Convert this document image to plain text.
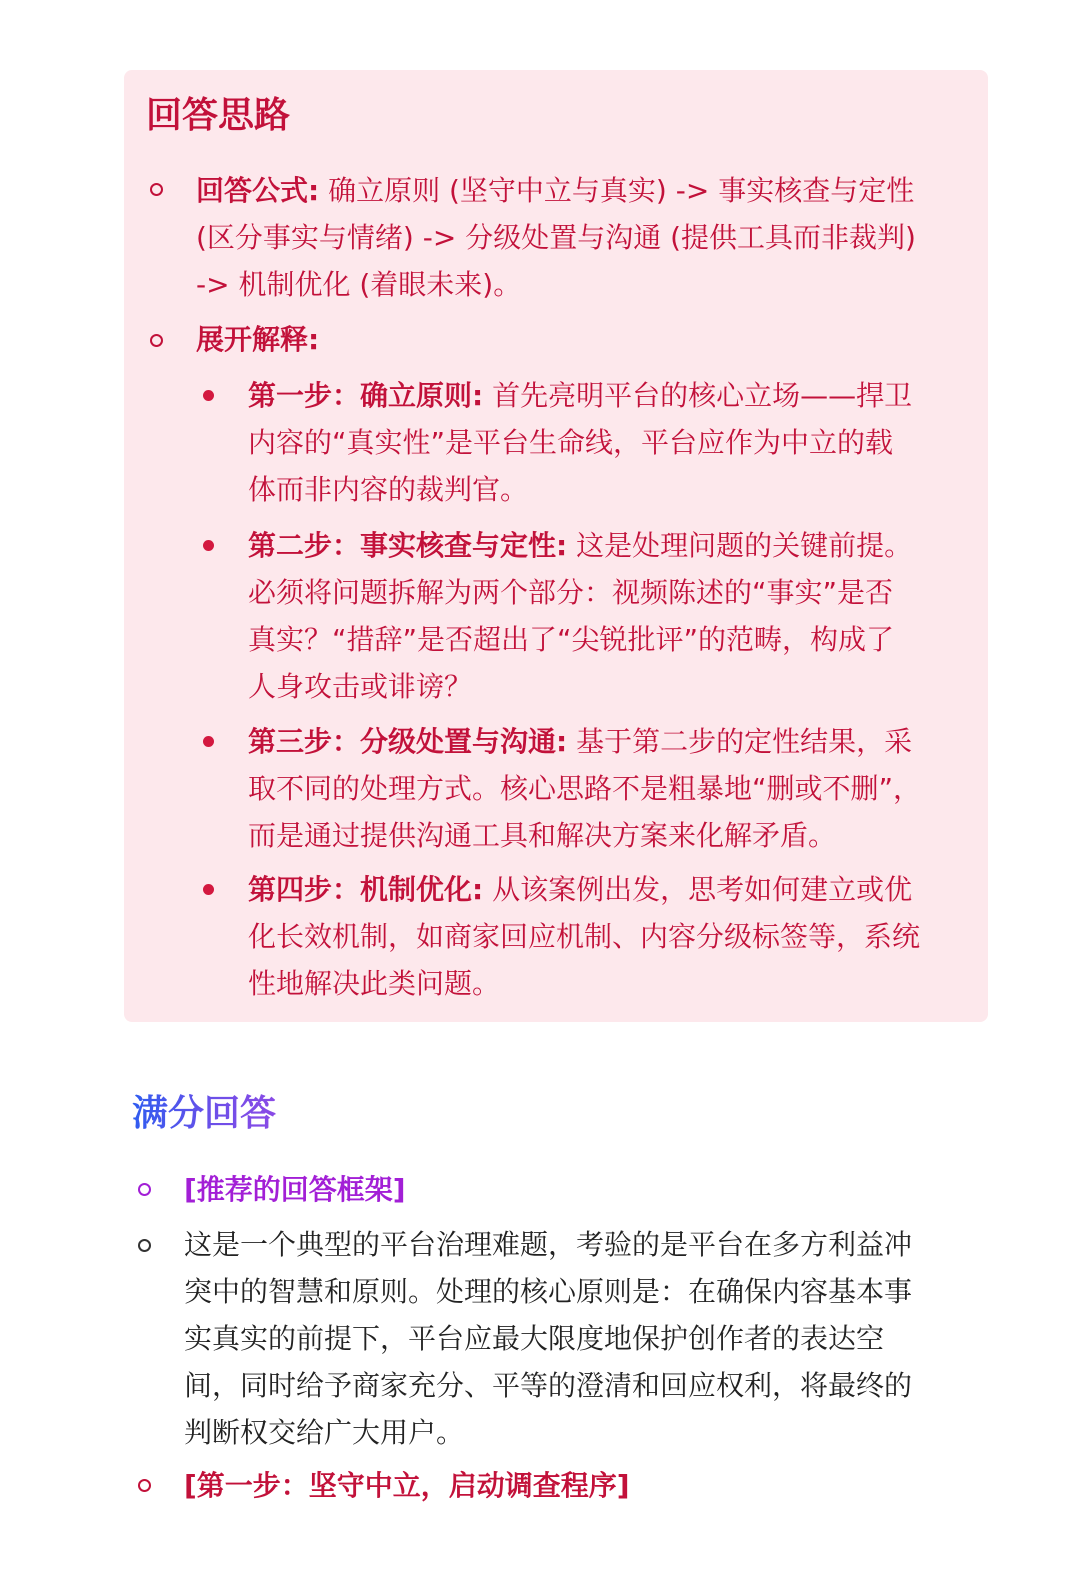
回答思路
回答公式: 确立原则 (坚守中立与真实) -> 事实核查与定性
(区分事实与情绪) -> 分级处置与沟通 (提供工具而非裁判)
-> 机制优化 (着眼未来)。
展开解释:
第一步：确立原则: 首先亮明平台的核心立场——捍卫
内容的“真实性”是平台生命线，平台应作为中立的载
体而非内容的裁判官。
第二步：事实核查与定性: 这是处理问题的关键前提。
必须将问题拆解为两个部分：视频陈述的“事实”是否
真实？“措辞”是否超出了“尖锐批评”的范畴，构成了
人身攻击或诽谤？
第三步：分级处置与沟通: 基于第二步的定性结果，采
取不同的处理方式。核心思路不是粗暴地“删或不删”，
而是通过提供沟通工具和解决方案来化解矛盾。
第四步：机制优化: 从该案例出发，思考如何建立或优
化长效机制，如商家回应机制、内容分级标签等，系统
性地解决此类问题。
满分回答
[推荐的回答框架]
这是一个典型的平台治理难题，考验的是平台在多方利益冲
突中的智慧和原则。处理的核心原则是：在确保内容基本事
实真实的前提下，平台应最大限度地保护创作者的表达空
间，同时给予商家充分、平等的澄清和回应权利，将最终的
判断权交给广大用户。
[第一步：坚守中立，启动调查程序]
